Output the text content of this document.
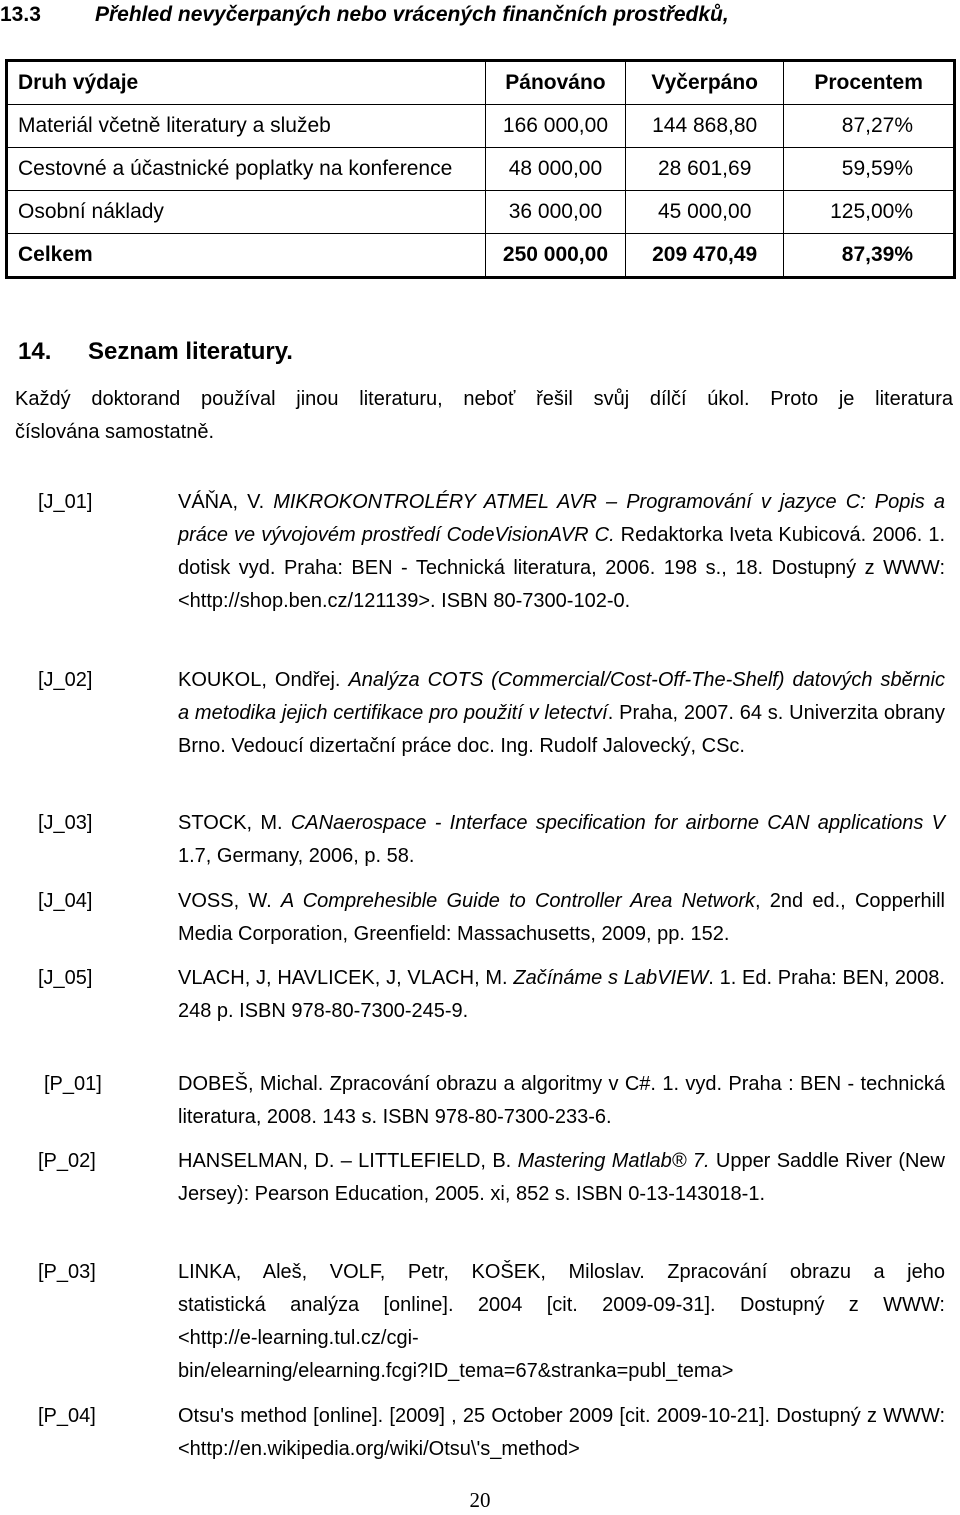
13.3	Přehled nevyčerpaných nebo vrácených finančních prostředků,
Druh výdaje	Pánováno	Vyčerpáno	Procentem
Materiál včetně literatury a služeb	166 000,00	144 868,80	87,27%
Cestovné a účastnické poplatky na konference	48 000,00	28 601,69	59,59%
Osobní náklady	36 000,00	45 000,00	125,00%
Celkem	250 000,00	209 470,49	87,39%
14. Seznam literatury.
Každý doktorand používal jinou literaturu, neboť řešil svůj dílčí úkol. Proto je literatura
číslována samostatně.
[J_01]	VÁŇA, V. MIKROKONTROLÉRY ATMEL AVR – Programování v jazyce C: Popis a práce ve vývojovém prostředí CodeVisionAVR C. Redaktorka Iveta Kubicová. 2006. 1. dotisk vyd. Praha: BEN - Technická literatura, 2006. 198 s., 18. Dostupný z WWW: <http://shop.ben.cz/121139>. ISBN 80-7300-102-0.
[J_02]	KOUKOL, Ondřej. Analýza COTS (Commercial/Cost-Off-The-Shelf) datových sběrnic a metodika jejich certifikace pro použití v letectví. Praha, 2007. 64 s. Univerzita obrany Brno. Vedoucí dizertační práce doc. Ing. Rudolf Jalovecký, CSc.
[J_03]	STOCK, M. CANaerospace - Interface specification for airborne CAN applications V 1.7, Germany, 2006, p. 58.
[J_04]	VOSS, W. A Comprehesible Guide to Controller Area Network, 2nd ed., Copperhill Media Corporation, Greenfield: Massachusetts, 2009, pp. 152.
[J_05]	VLACH, J, HAVLICEK, J, VLACH, M. Začínáme s LabVIEW. 1. Ed. Praha: BEN, 2008. 248 p. ISBN 978-80-7300-245-9.
[P_01]	DOBEŠ, Michal. Zpracování obrazu a algoritmy v C#. 1. vyd. Praha : BEN - technická literatura, 2008. 143 s. ISBN 978-80-7300-233-6.
[P_02]	HANSELMAN, D. – LITTLEFIELD, B. Mastering Matlab® 7. Upper Saddle River (New Jersey): Pearson Education, 2005. xi, 852 s. ISBN 0-13-143018-1.
[P_03]	LINKA, Aleš, VOLF, Petr, KOŠEK, Miloslav. Zpracování obrazu a jeho
statistická analýza [online]. 2004 [cit. 2009-09-31]. Dostupný z WWW:
<http://e-learning.tul.cz/cgi-
bin/elearning/elearning.fcgi?ID_tema=67&stranka=publ_tema>
[P_04]	Otsu's method [online]. [2009] , 25 October 2009 [cit. 2009-10-21]. Dostupný z WWW: <http://en.wikipedia.org/wiki/Otsu\'s_method>
20
